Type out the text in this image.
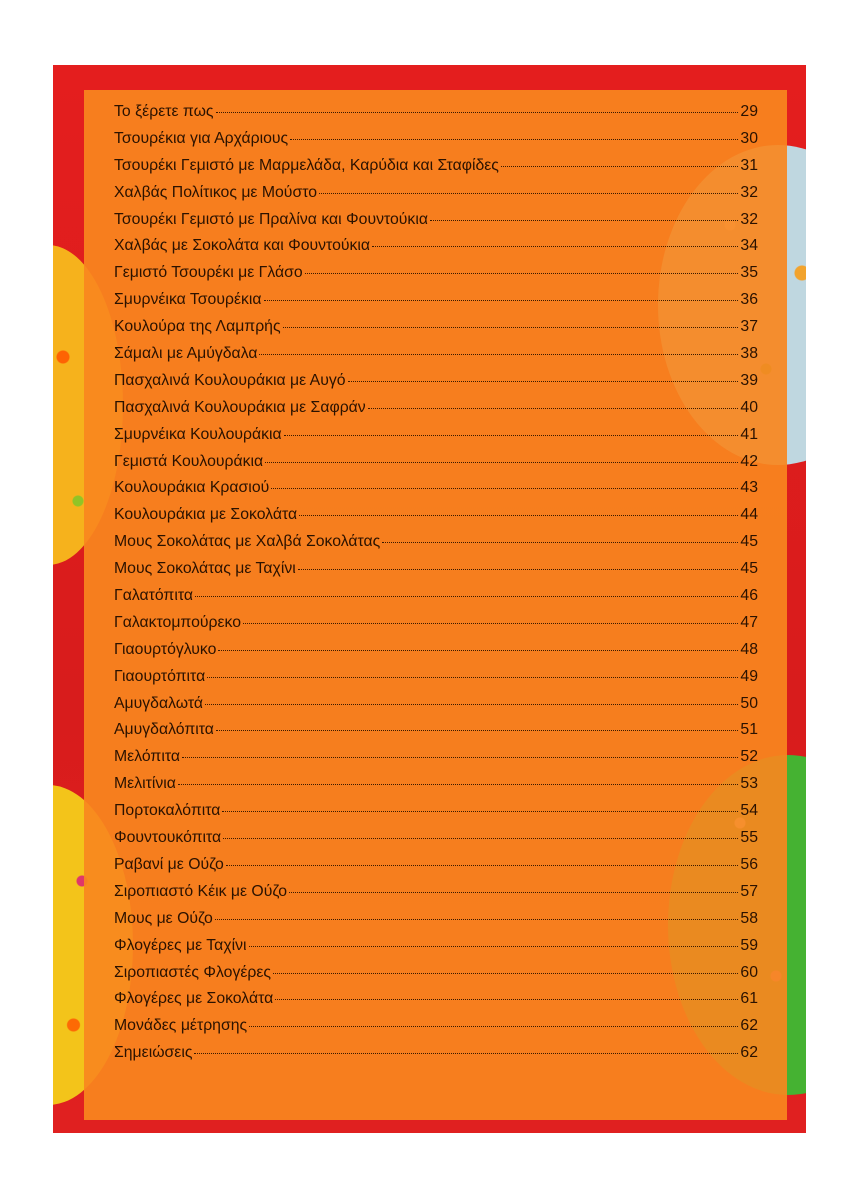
Το ξέρετε πως	29
Τσουρέκια για Αρχάριους	30
Τσουρέκι Γεμιστό με Μαρμελάδα, Καρύδια και Σταφίδες	31
Χαλβάς Πολίτικος με Μούστο	32
Τσουρέκι Γεμιστό με Πραλίνα και Φουντούκια	32
Χαλβάς με Σοκολάτα και Φουντούκια	34
Γεμιστό Τσουρέκι με Γλάσο	35
Σμυρνέικα Τσουρέκια	36
Κουλούρα της Λαμπρής	37
Σάμαλι με Αμύγδαλα	38
Πασχαλινά Κουλουράκια με Αυγό	39
Πασχαλινά Κουλουράκια με Σαφράν	40
Σμυρνέικα Κουλουράκια	41
Γεμιστά Κουλουράκια	42
Κουλουράκια Κρασιού	43
Κουλουράκια με Σοκολάτα	44
Μους Σοκολάτας με Χαλβά Σοκολάτας	45
Μους Σοκολάτας με Ταχίνι	45
Γαλατόπιτα	46
Γαλακτομπούρεκο	47
Γιαουρτόγλυκο	48
Γιαουρτόπιτα	49
Αμυγδαλωτά	50
Αμυγδαλόπιτα	51
Μελόπιτα	52
Μελιτίνια	53
Πορτοκαλόπιτα	54
Φουντουκόπιτα	55
Ραβανί με Ούζο	56
Σιροπιαστό Κέικ με Ούζο	57
Μους με Ούζο	58
Φλογέρες με Ταχίνι	59
Σιροπιαστές Φλογέρες	60
Φλογέρες με Σοκολάτα	61
Μονάδες μέτρησης	62
Σημειώσεις	62
